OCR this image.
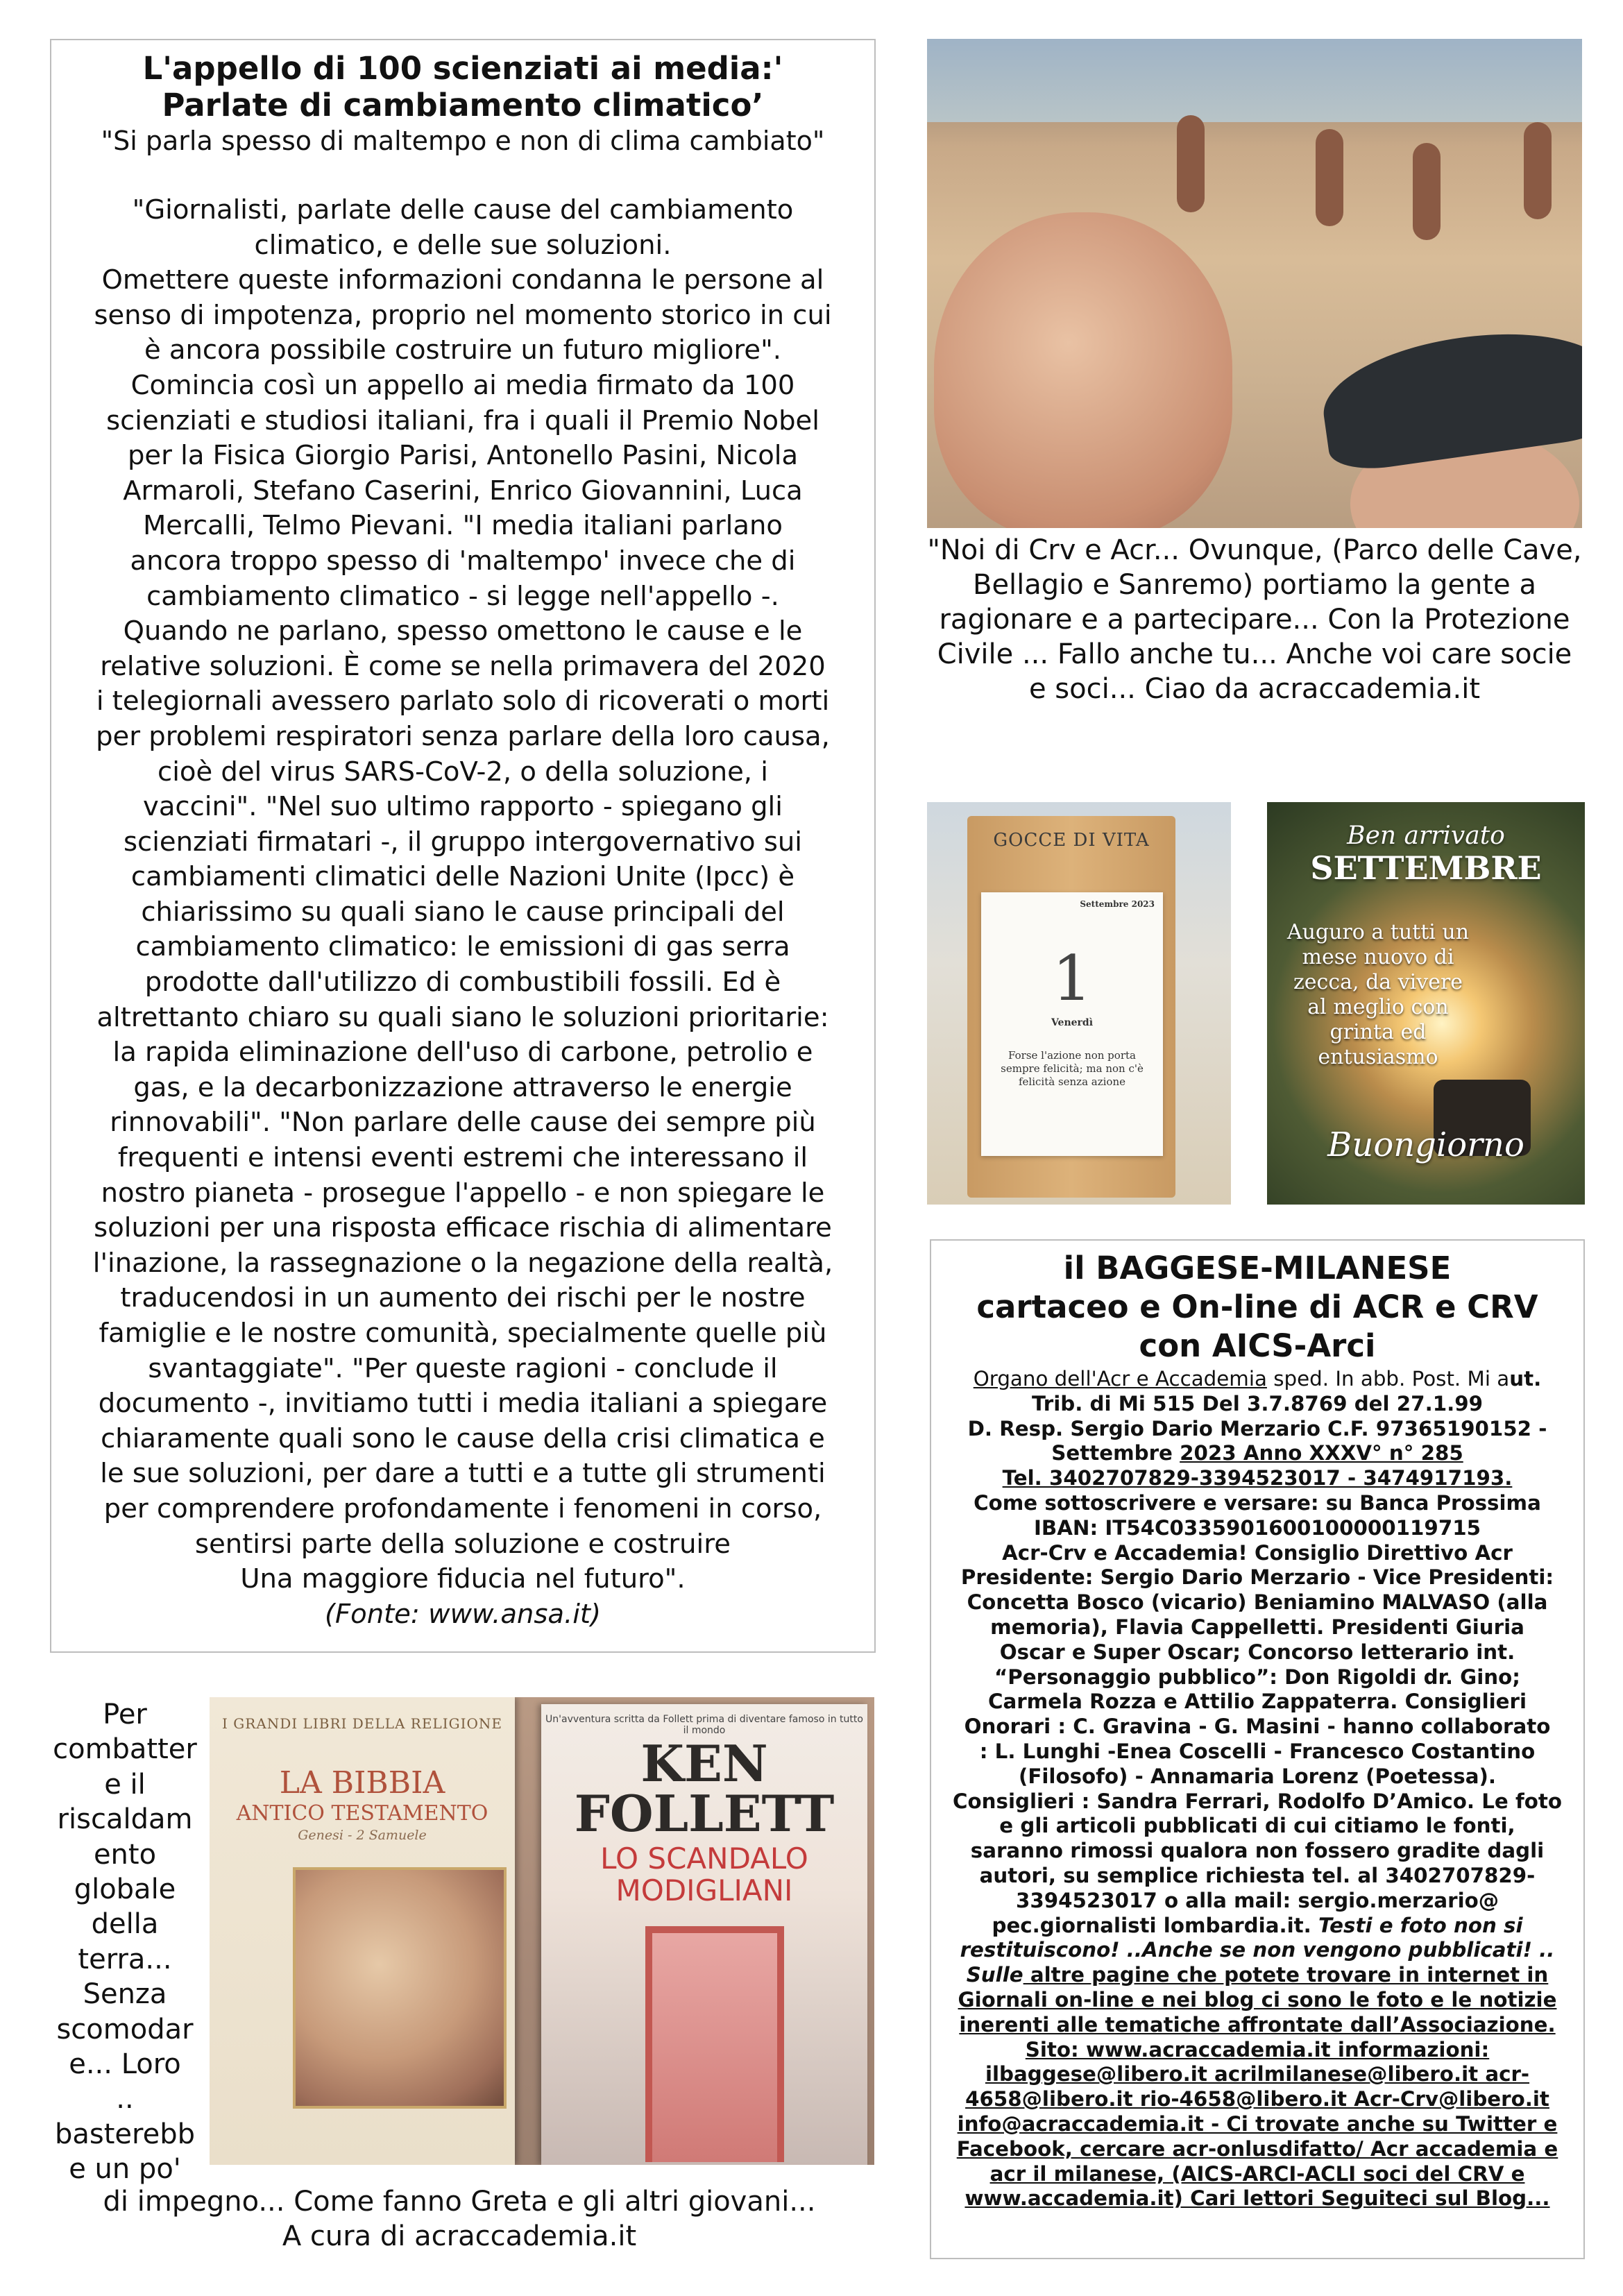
L'appello di 100 scienziati ai media:'
Parlate di cambiamento climatico’
"Si parla spesso di maltempo e non di clima cambiato"
"Giornalisti, parlate delle cause del cambiamento
climatico, e delle sue soluzioni.
Omettere queste informazioni condanna le persone al
senso di impotenza, proprio nel momento storico in cui
è ancora possibile costruire un futuro migliore".
Comincia così un appello ai media firmato da 100
scienziati e studiosi italiani, fra i quali il Premio Nobel
per la Fisica Giorgio Parisi, Antonello Pasini, Nicola
Armaroli, Stefano Caserini, Enrico Giovannini, Luca
Mercalli, Telmo Pievani. "I media italiani parlano
ancora troppo spesso di 'maltempo' invece che di
cambiamento climatico - si legge nell'appello -.
Quando ne parlano, spesso omettono le cause e le
relative soluzioni. È come se nella primavera del 2020
i telegiornali avessero parlato solo di ricoverati o morti
per problemi respiratori senza parlare della loro causa,
cioè del virus SARS-CoV-2, o della soluzione, i
vaccini". "Nel suo ultimo rapporto - spiegano gli
scienziati firmatari -, il gruppo intergovernativo sui
cambiamenti climatici delle Nazioni Unite (Ipcc) è
chiarissimo su quali siano le cause principali del
cambiamento climatico: le emissioni di gas serra
prodotte dall'utilizzo di combustibili fossili. Ed è
altrettanto chiaro su quali siano le soluzioni prioritarie:
la rapida eliminazione dell'uso di carbone, petrolio e
gas, e la decarbonizzazione attraverso le energie
rinnovabili". "Non parlare delle cause dei sempre più
frequenti e intensi eventi estremi che interessano il
nostro pianeta - prosegue l'appello - e non spiegare le
soluzioni per una risposta efficace rischia di alimentare
l'inazione, la rassegnazione o la negazione della realtà,
traducendosi in un aumento dei rischi per le nostre
famiglie e le nostre comunità, specialmente quelle più
svantaggiate". "Per queste ragioni - conclude il
documento -, invitiamo tutti i media italiani a spiegare
chiaramente quali sono le cause della crisi climatica e
le sue soluzioni, per dare a tutti e a tutte gli strumenti
per comprendere profondamente i fenomeni in corso,
sentirsi parte della soluzione e costruire
Una maggiore fiducia nel futuro".
(Fonte: www.ansa.it)
"Noi di Crv e Acr... Ovunque, (Parco delle Cave, Bellagio e Sanremo) portiamo la gente a ragionare e a partecipare... Con la Protezione Civile ... Fallo anche tu... Anche voi care socie e soci... Ciao da acraccademia.it
GOCCE DI VITA
Settembre 2023
1
Venerdì
Forse l'azione non porta sempre felicità; ma non c'è felicità senza azione
Ben arrivato
SETTEMBRE
Auguro a tutti un mese nuovo di zecca, da vivere al meglio con grinta ed entusiasmo
Buongiorno
Per
combatter
e il
riscaldam
ento
globale
della
terra...
Senza
scomodar
e... Loro
..
basterebb
e un po'
I GRANDI LIBRI DELLA RELIGIONE
LA BIBBIA
ANTICO TESTAMENTO
Genesi - 2 Samuele
Un'avventura scritta da Follett prima di diventare famoso in tutto il mondo
KEN FOLLETT
LO SCANDALO MODIGLIANI
di impegno... Come fanno Greta e gli altri giovani...
A cura di acraccademia.it
il BAGGESE-MILANESE
cartaceo e On-line di ACR e CRV
con AICS-Arci
Organo dell'Acr e Accademia sped. In abb. Post. Mi aut.
Trib. di Mi 515 Del 3.7.8769 del 27.1.99
D. Resp. Sergio Dario Merzario C.F. 97365190152 -
Settembre 2023 Anno XXXV° n° 285
Tel. 3402707829-3394523017 - 3474917193.
Come sottoscrivere e versare: su Banca Prossima
IBAN: IT54C0335901600100000119715
Acr-Crv e Accademia! Consiglio Direttivo Acr
Presidente: Sergio Dario Merzario - Vice Presidenti:
Concetta Bosco (vicario) Beniamino MALVASO (alla
memoria), Flavia Cappelletti. Presidenti Giuria
Oscar e Super Oscar; Concorso letterario int.
“Personaggio pubblico”: Don Rigoldi dr. Gino;
Carmela Rozza e Attilio Zappaterra. Consiglieri
Onorari : C. Gravina - G. Masini - hanno collaborato
: L. Lunghi -Enea Coscelli - Francesco Costantino
(Filosofo) - Annamaria Lorenz (Poetessa).
Consiglieri : Sandra Ferrari, Rodolfo D’Amico. Le foto
e gli articoli pubblicati di cui citiamo le fonti,
saranno rimossi qualora non fossero gradite dagli
autori, su semplice richiesta tel. al 3402707829-
3394523017 o alla mail: sergio.merzario@
pec.giornalisti lombardia.it. Testi e foto non si
restituiscono! ..Anche se non vengono pubblicati! ..
Sulle altre pagine che potete trovare in internet in
Giornali on-line e nei blog ci sono le foto e le notizie
inerenti alle tematiche affrontate dall’Associazione.
Sito: www.acraccademia.it informazioni:
ilbaggese@libero.it acrilmilanese@libero.it acr-
4658@libero.it rio-4658@libero.it Acr-Crv@libero.it
info@acraccademia.it - Ci trovate anche su Twitter e
Facebook, cercare acr-onlusdifatto/ Acr accademia e
acr il milanese, (AICS-ARCI-ACLI soci del CRV e
www.accademia.it) Cari lettori Seguiteci sul Blog...
